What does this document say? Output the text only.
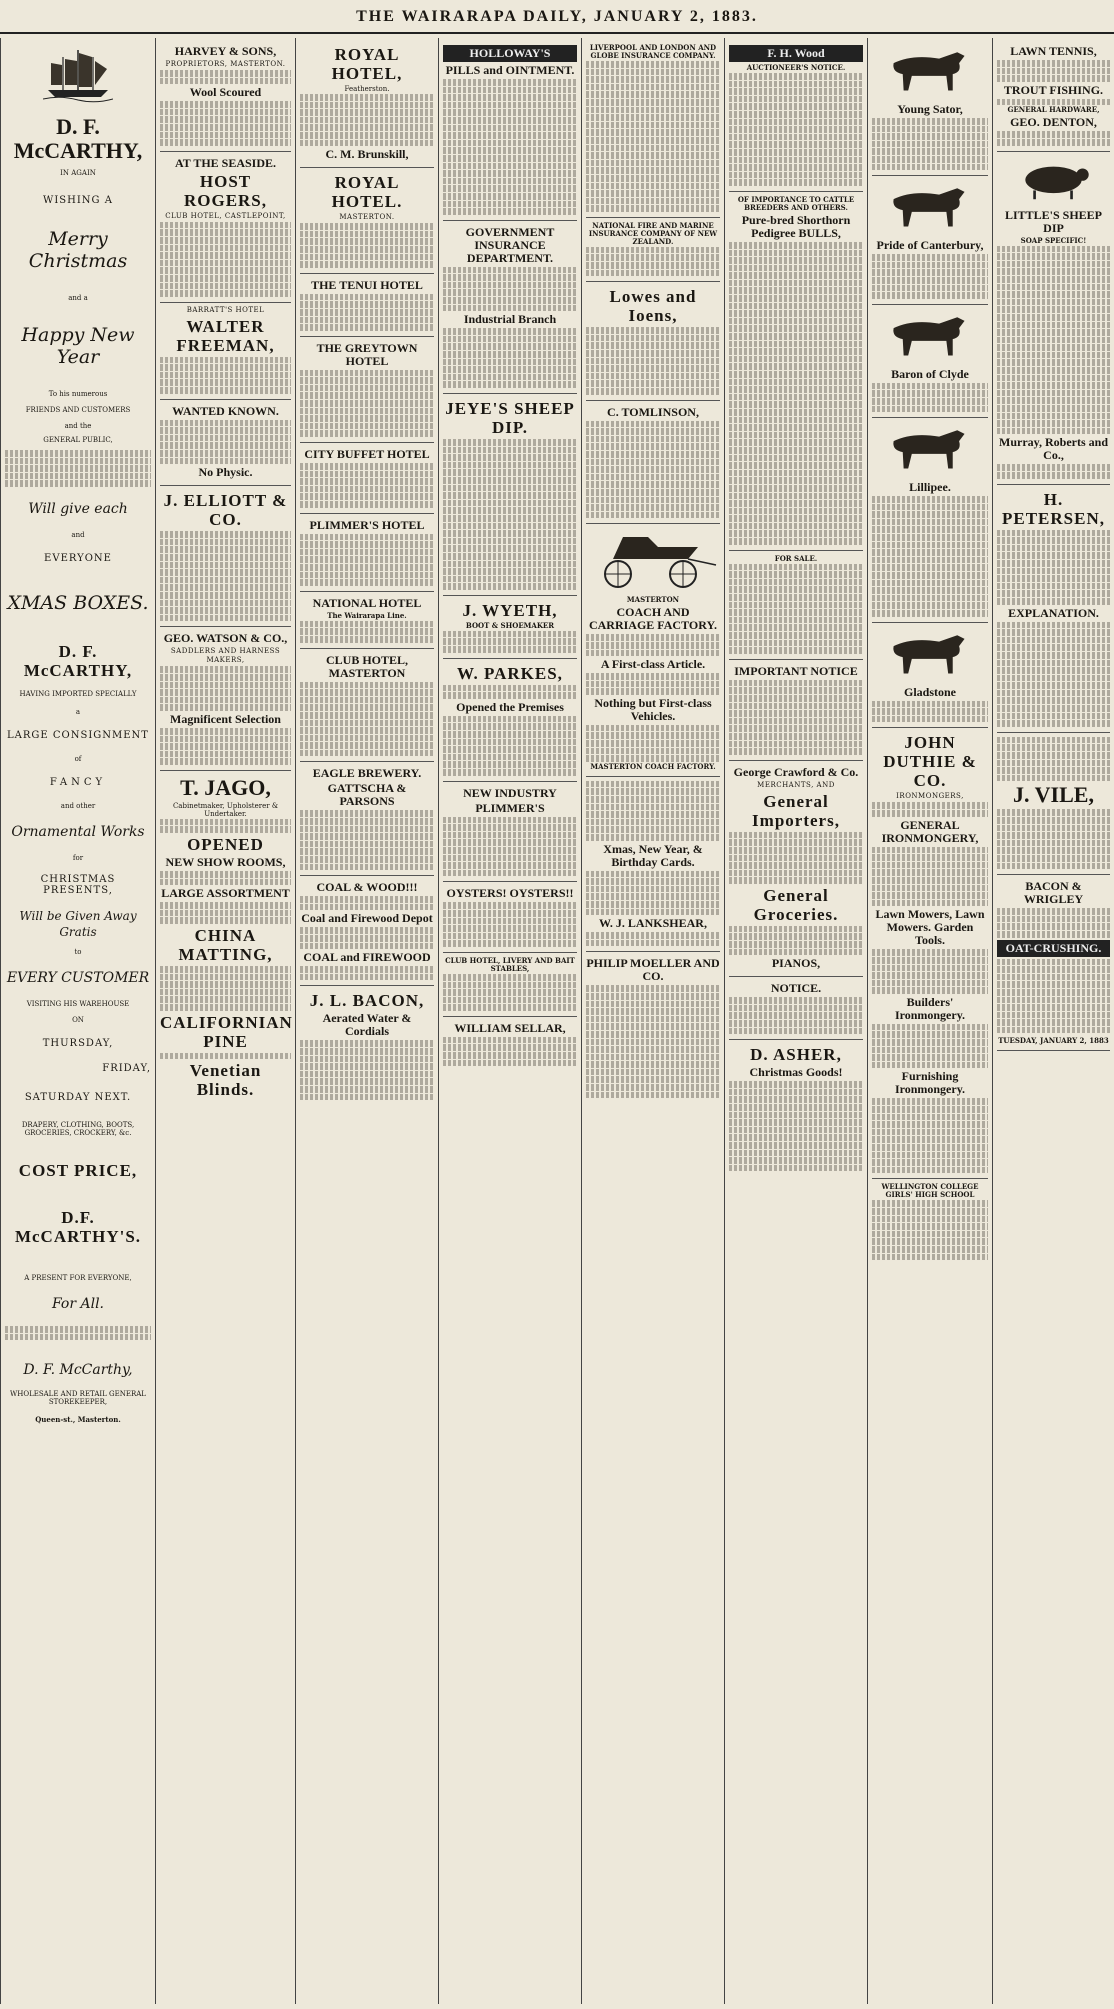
THE WAIRARAPA DAILY, JANUARY 2, 1883.
D. F. McCARTHY,
IN AGAIN
WISHING A
Merry Christmas
and a
Happy New Year
To his numerous
FRIENDS AND CUSTOMERS
and the
GENERAL PUBLIC,
Will give each
and
EVERYONE
XMAS BOXES.
D. F. McCARTHY,
HAVING IMPORTED SPECIALLY
a
LARGE CONSIGNMENT
of
FANCY
and other
Ornamental Works
for
CHRISTMAS PRESENTS,
Will be Given Away Gratis
to
EVERY CUSTOMER
VISITING HIS WAREHOUSE
ON
THURSDAY,
FRIDAY,
SATURDAY NEXT.
DRAPERY, CLOTHING, BOOTS, GROCERIES, CROCKERY, &c.
COST PRICE,
D.F. McCARTHY'S.
A PRESENT FOR EVERYONE,
For All.
D. F. McCarthy,
WHOLESALE AND RETAIL GENERAL STOREKEEPER,
Queen-st., Masterton.
HARVEY & SONS,
PROPRIETORS, MASTERTON.
Wool Scoured
AT THE SEASIDE.
HOST ROGERS,
CLUB HOTEL, CASTLEPOINT,
BARRATT'S HOTEL
WALTER FREEMAN,
WANTED KNOWN.
No Physic.
J. ELLIOTT & CO.
GEO. WATSON & CO.,
SADDLERS AND HARNESS MAKERS,
Magnificent Selection
T. JAGO,
Cabinetmaker, Upholsterer & Undertaker.
OPENED
NEW SHOW ROOMS,
LARGE ASSORTMENT
CHINA MATTING,
CALIFORNIAN PINE
Venetian Blinds.
ROYAL HOTEL,
Featherston.
C. M. Brunskill,
ROYAL HOTEL.
MASTERTON.
THE TENUI HOTEL
THE GREYTOWN HOTEL
CITY BUFFET HOTEL
PLIMMER'S HOTEL
NATIONAL HOTEL
The Wairarapa Line.
CLUB HOTEL, MASTERTON
EAGLE BREWERY.
GATTSCHA & PARSONS
COAL & WOOD!!!
Coal and Firewood Depot
COAL and FIREWOOD
J. L. BACON,
Aerated Water & Cordials
HOLLOWAY'S
PILLS and OINTMENT.
GOVERNMENT INSURANCE DEPARTMENT.
Industrial Branch
JEYE'S SHEEP DIP.
J. WYETH,
BOOT & SHOEMAKER
W. PARKES,
Opened the Premises
NEW INDUSTRY
PLIMMER'S
OYSTERS! OYSTERS!!
CLUB HOTEL, LIVERY AND BAIT STABLES,
WILLIAM SELLAR,
LIVERPOOL AND LONDON AND GLOBE INSURANCE COMPANY.
NATIONAL FIRE AND MARINE INSURANCE COMPANY OF NEW ZEALAND.
Lowes and Ioens,
C. TOMLINSON,
MASTERTON
COACH AND CARRIAGE FACTORY.
A First-class Article.
Nothing but First-class Vehicles.
MASTERTON COACH FACTORY.
Xmas, New Year, & Birthday Cards.
W. J. LANKSHEAR,
PHILIP MOELLER AND CO.
F. H. Wood
AUCTIONEER'S NOTICE.
OF IMPORTANCE TO CATTLE BREEDERS AND OTHERS.
Pure-bred Shorthorn Pedigree BULLS,
FOR SALE.
IMPORTANT NOTICE
George Crawford & Co.
MERCHANTS, AND
General Importers,
General Groceries.
PIANOS,
NOTICE.
D. ASHER,
Christmas Goods!
Young Sator,
Pride of Canterbury,
Baron of Clyde
Lillipee.
Gladstone
JOHN DUTHIE & CO.
IRONMONGERS,
GENERAL IRONMONGERY,
Lawn Mowers, Lawn Mowers. Garden Tools.
Builders' Ironmongery.
Furnishing Ironmongery.
WELLINGTON COLLEGE GIRLS' HIGH SCHOOL
LAWN TENNIS,
TROUT FISHING.
GENERAL HARDWARE,
GEO. DENTON,
LITTLE'S SHEEP DIP
SOAP SPECIFIC!
Murray, Roberts and Co.,
H. PETERSEN,
EXPLANATION.
J. VILE,
BACON & WRIGLEY
OAT-CRUSHING.
TUESDAY, JANUARY 2, 1883
